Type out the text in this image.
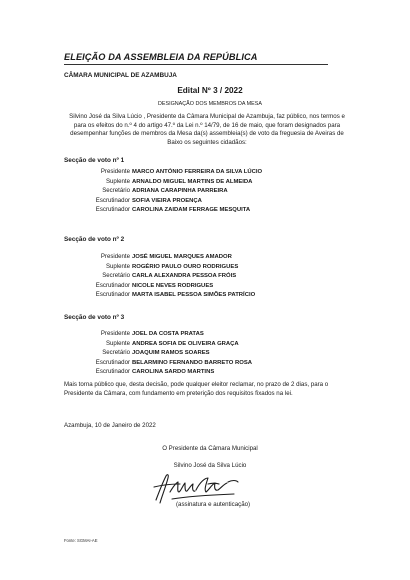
ELEIÇÃO DA ASSEMBLEIA DA REPÚBLICA
CÂMARA MUNICIPAL DE AZAMBUJA
Edital Nº 3 / 2022
DESIGNAÇÃO DOS MEMBROS DA MESA
Silvino José da Silva Lúcio , Presidente da Câmara Municipal de Azambuja, faz público, nos termos e para os efeitos do n.º 4 do artigo 47.º da Lei n.º 14/79, de 16 de maio, que foram designados para desempenhar funções de membros da Mesa da(s) assembleia(s) de voto da freguesia de Aveiras de Baixo os seguintes cidadãos:
Secção de voto nº 1
Presidente MARCO ANTÓNIO FERREIRA DA SILVA LÚCIO
Suplente ARNALDO MIGUEL MARTINS DE ALMEIDA
Secretário ADRIANA CARAPINHA PARREIRA
Escrutinador SOFIA VIEIRA PROENÇA
Escrutinador CAROLINA ZAIDAM FERRAGE MESQUITA
Secção de voto nº 2
Presidente JOSÉ MIGUEL MARQUES AMADOR
Suplente ROGÉRIO PAULO OURO RODRIGUES
Secretário CARLA ALEXANDRA PESSOA FRÓIS
Escrutinador NICOLE NEVES RODRIGUES
Escrutinador MARTA ISABEL PESSOA SIMÕES PATRÍCIO
Secção de voto nº 3
Presidente JOEL DA COSTA PRATAS
Suplente ANDREA SOFIA DE OLIVEIRA GRAÇA
Secretário JOAQUIM RAMOS SOARES
Escrutinador BELARMINO FERNANDO BARRETO ROSA
Escrutinador CAROLINA SARDO MARTINS
Mais torna público que, desta decisão, pode qualquer eleitor reclamar, no prazo de 2 dias, para o Presidente da Câmara, com fundamento em preterição dos requisitos fixados na lei.
Azambuja, 10 de Janeiro de 2022
O Presidente da Câmara Municipal
Silvino José da Silva Lúcio
(assinatura e autenticação)
Fonte: SGMAI-AE
